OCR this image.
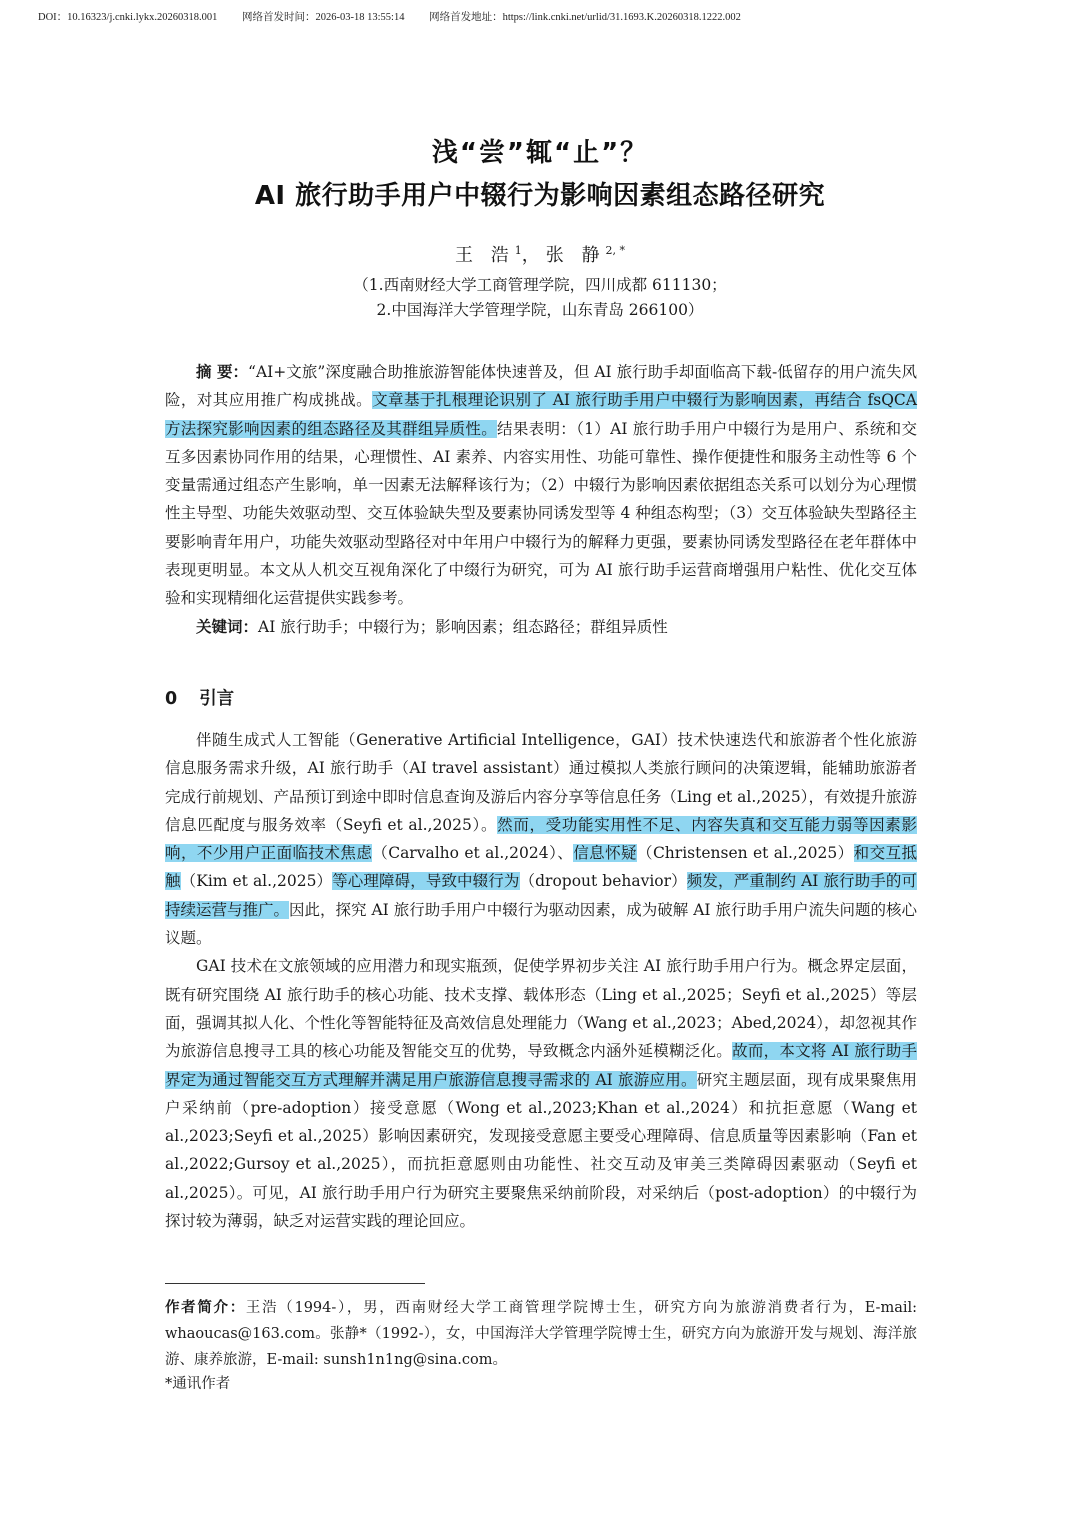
DOI：10.16323/j.cnki.lykx.20260318.001 网络首发时间：2026-03-18 13:55:14 网络首发地址：https://link.cnki.net/urlid/31.1693.K.20260318.1222.002
浅“尝”辄“止”？
AI 旅行助手用户中辍行为影响因素组态路径研究
王 浩$^1$，张 静$^{2, *}$
（1.西南财经大学工商管理学院，四川成都 611130；
2.中国海洋大学管理学院，山东青岛 266100）

摘 要：“AI+文旅”深度融合助推旅游智能体快速普及，但 AI 旅行助手却面临高下载-低留存的用户流失风险，对其应用推广构成挑战。文章基于扎根理论识别了 AI 旅行助手用户中辍行为影响因素，再结合 fsQCA 方法探究影响因素的组态路径及其群组异质性。结果表明：（1）AI 旅行助手用户中辍行为是用户、系统和交互多因素协同作用的结果，心理惯性、AI 素养、内容实用性、功能可靠性、操作便捷性和服务主动性等 6 个变量需通过组态产生影响，单一因素无法解释该行为；（2）中辍行为影响因素依据组态关系可以划分为心理惯性主导型、功能失效驱动型、交互体验缺失型及要素协同诱发型等 4 种组态构型；（3）交互体验缺失型路径主要影响青年用户，功能失效驱动型路径对中年用户中辍行为的解释力更强，要素协同诱发型路径在老年群体中表现更明显。本文从人机交互视角深化了中缀行为研究，可为 AI 旅行助手运营商增强用户粘性、优化交互体验和实现精细化运营提供实践参考。

关键词：AI 旅行助手；中辍行为；影响因素；组态路径；群组异质性

0 引言

伴随生成式人工智能（Generative Artificial Intelligence，GAI）技术快速迭代和旅游者个性化旅游信息服务需求升级，AI 旅行助手（AI travel assistant）通过模拟人类旅行顾问的决策逻辑，能辅助旅游者完成行前规划、产品预订到途中即时信息查询及游后内容分享等信息任务（Ling et al.,2025），有效提升旅游信息匹配度与服务效率（Seyfi et al.,2025）。然而，受功能实用性不足、内容失真和交互能力弱等因素影响，不少用户正面临技术焦虑（Carvalho et al.,2024）、信息怀疑（Christensen et al.,2025）和交互抵触（Kim et al.,2025）等心理障碍，导致中辍行为（dropout behavior）频发，严重制约 AI 旅行助手的可持续运营与推广。因此，探究 AI 旅行助手用户中辍行为驱动因素，成为破解 AI 旅行助手用户流失问题的核心议题。

GAI 技术在文旅领域的应用潜力和现实瓶颈，促使学界初步关注 AI 旅行助手用户行为。概念界定层面，既有研究围绕 AI 旅行助手的核心功能、技术支撑、载体形态（Ling et al.,2025；Seyfi et al.,2025）等层面，强调其拟人化、个性化等智能特征及高效信息处理能力（Wang et al.,2023；Abed,2024），却忽视其作为旅游信息搜寻工具的核心功能及智能交互的优势，导致概念内涵外延模糊泛化。故而，本文将 AI 旅行助手界定为通过智能交互方式理解并满足用户旅游信息搜寻需求的 AI 旅游应用。研究主题层面，现有成果聚焦用户采纳前（pre-adoption）接受意愿（Wong et al.,2023;Khan et al.,2024）和抗拒意愿（Wang et al.,2023;Seyfi et al.,2025）影响因素研究，发现接受意愿主要受心理障碍、信息质量等因素影响（Fan et al.,2022;Gursoy et al.,2025），而抗拒意愿则由功能性、社交互动及审美三类障碍因素驱动（Seyfi et al.,2025）。可见，AI 旅行助手用户行为研究主要聚焦采纳前阶段，对采纳后（post-adoption）的中辍行为探讨较为薄弱，缺乏对运营实践的理论回应。

作者简介：王浩（1994-），男，西南财经大学工商管理学院博士生，研究方向为旅游消费者行为，E-mail: whaoucas@163.com。张静*（1992-），女，中国海洋大学管理学院博士生，研究方向为旅游开发与规划、海洋旅游、康养旅游，E-mail: sunsh1n1ng@sina.com。

*通讯作者
